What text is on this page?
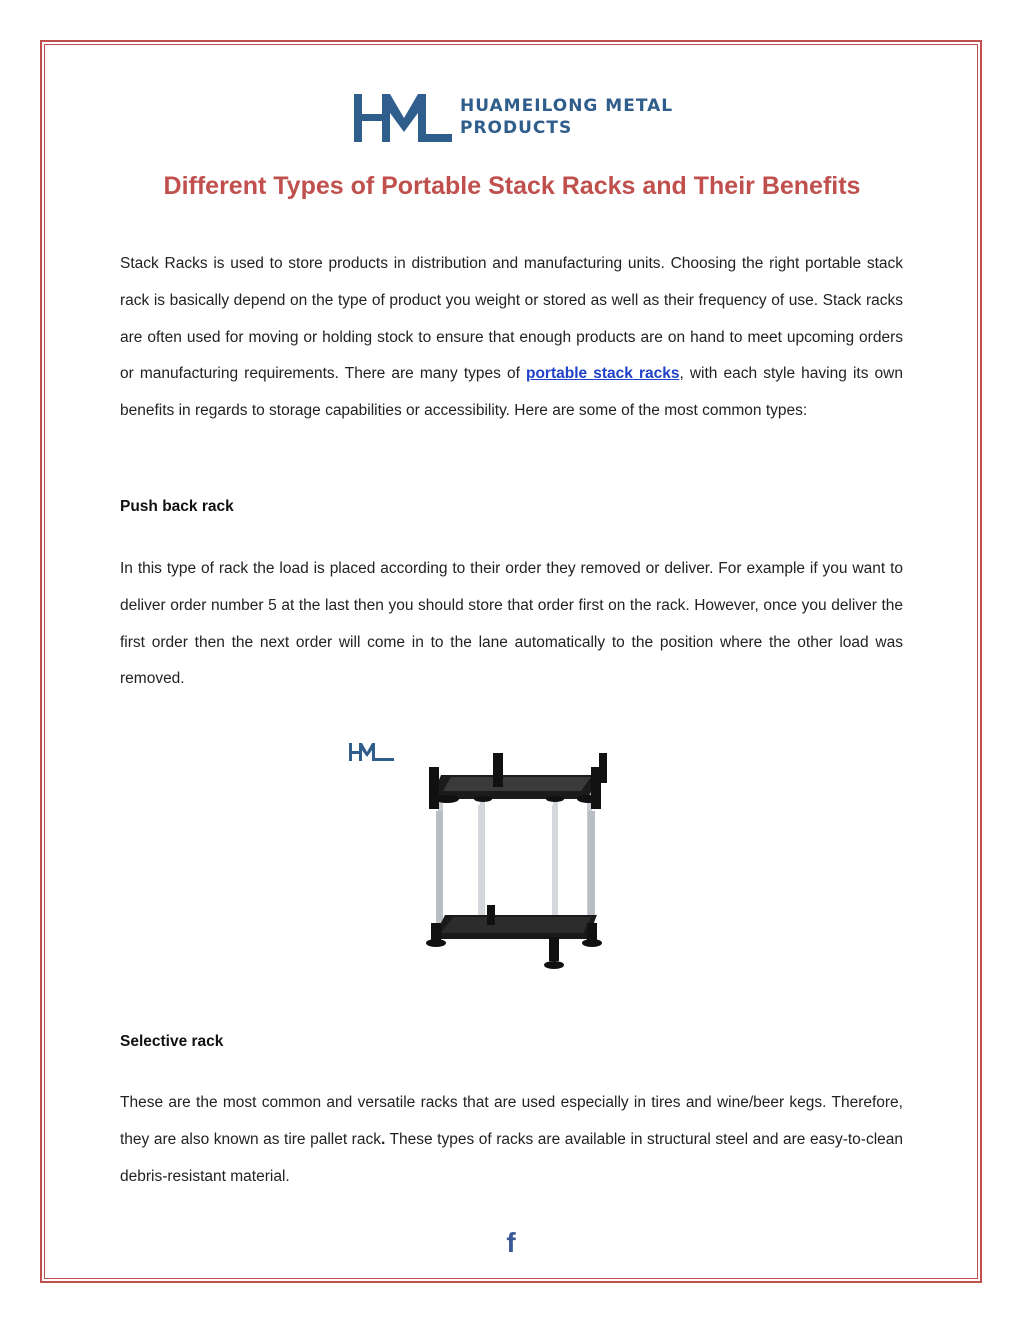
HUAMEILONG METAL
PRODUCTS
Different Types of Portable Stack Racks and Their Benefits
Stack Racks is used to store products in distribution and manufacturing units. Choosing the right portable stack rack is basically depend on the type of product you weight or stored as well as their frequency of use. Stack racks are often used for moving or holding stock to ensure that enough products are on hand to meet upcoming orders or manufacturing requirements. There are many types of portable stack racks, with each style having its own benefits in regards to storage capabilities or accessibility. Here are some of the most common types:
Push back rack
In this type of rack the load is placed according to their order they removed or deliver. For example if you want to deliver order number 5 at the last then you should store that order first on the rack. However, once you deliver the first order then the next order will come in to the lane automatically to the position where the other load was removed.
Selective rack
These are the most common and versatile racks that are used especially in tires and wine/beer kegs. Therefore, they are also known as tire pallet rack. These types of racks are available in structural steel and are easy-to-clean debris-resistant material.
f
